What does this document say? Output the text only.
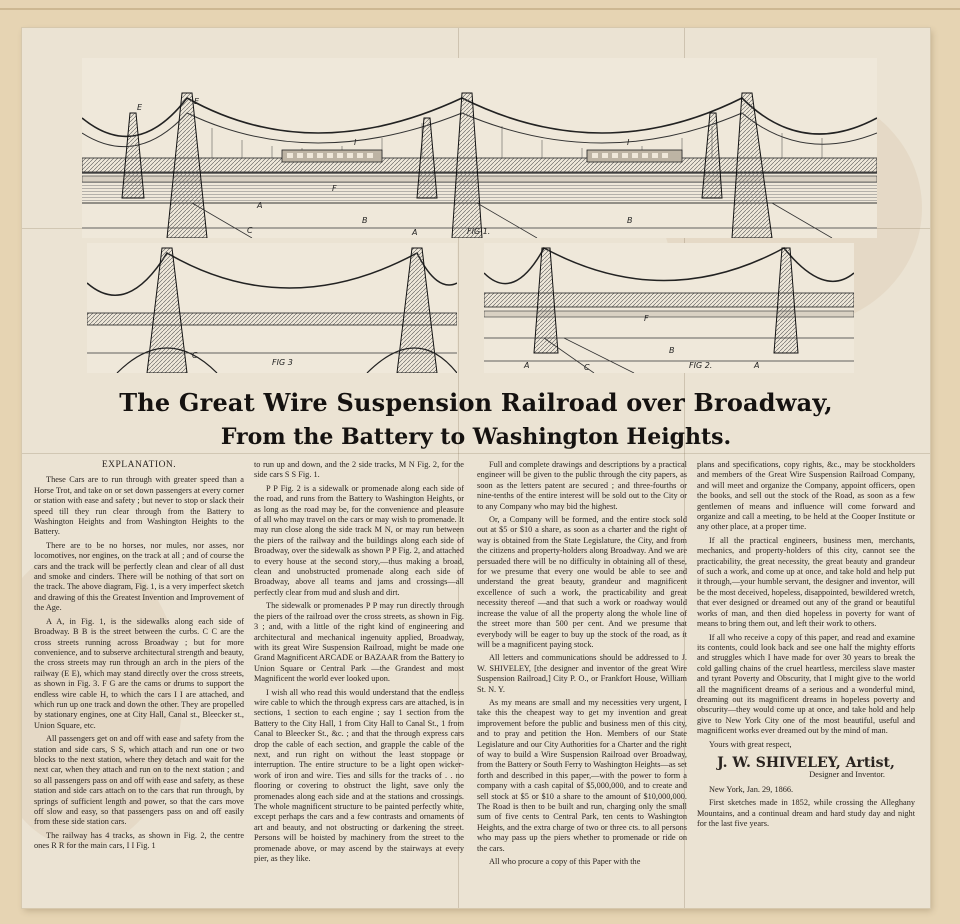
E
E
I	I
F
A
B	B
C	A	FIG 1.
FIG 3
C
F
B
A	C	FIG 2.	A
The Great Wire Suspension Railroad over Broadway,
From the Battery to Washington Heights.

EXPLANATION.

These Cars are to run through with greater speed than a Horse Trot, and take on or set down passengers at every corner or station with ease and safety ; but never to stop or slack their speed till they run clear through from the Battery to Washington Heights and from Washington Heights to the Battery.

There are to be no horses, nor mules, nor asses, nor locomotives, nor engines, on the track at all ; and of course the cars and the track will be perfectly clean and clear of all dust and smoke and cinders. There will be nothing of that sort on the track. The above diagram, Fig. 1, is a very imperfect sketch and drawing of this the Greatest Invention and Improvement of the Age.

A A, in Fig. 1, is the sidewalks along each side of Broadway. B B is the street between the curbs. C C are the cross streets running across Broadway ; but for more convenience, and to subserve architectural strength and beauty, the cross streets may run through an arch in the piers of the railway (E E), which may stand directly over the cross streets, as shown in Fig. 3. F G are the cams or drums to support the endless wire cable H, to which the cars I I are attached, and which run up one track and down the other. They are propelled by stationary engines, one at City Hall, Canal st., Bleecker st., Union Square, etc.

All passengers get on and off with ease and safety from the station and side cars, S S, which attach and run one or two blocks to the next station, where they detach and wait for the next car, when they attach and run on to the next station ; and so all passengers pass on and off with ease and safety, as these station and side cars attach on to the cars that run through, by springs of sufficient length and power, so that the cars move off slow and easy, so that passengers pass on and off easily from these side station cars.

The railway has 4 tracks, as shown in Fig. 2, the centre ones R R for the main cars, I I Fig. 1

to run up and down, and the 2 side tracks, M N Fig. 2, for the side cars S S Fig. 1.

P P Fig. 2 is a sidewalk or promenade along each side of the road, and runs from the Battery to Washington Heights, or as long as the road may be, for the convenience and pleasure of all who may travel on the cars or may wish to promenade. It may run close along the side track M N, or may run between the piers of the railway and the buildings along each side of Broadway, over the sidewalk as shown P P Fig. 2, and attached to every house at the second story,—thus making a broad, clean and unobstructed promenade along each side of Broadway, above all teams and jams and crossings—all perfectly clear from mud and slush and dirt.

The sidewalk or promenades P P may run directly through the piers of the railroad over the cross streets, as shown in Fig. 3 ; and, with a little of the right kind of engineering and architectural and mechanical ingenuity applied, Broadway, with its great Wire Suspension Railroad, might be made one Grand Magnificent ARCADE or BAZAAR from the Battery to Union Square or Central Park —the Grandest and most Magnificent the world ever looked upon.

I wish all who read this would understand that the endless wire cable to which the through express cars are attached, is in sections, 1 section to each engine ; say 1 section from the Battery to the City Hall, 1 from City Hall to Canal St., 1 from Canal to Bleecker St., &c. ; and that the through express cars drop the cable of each section, and grapple the cable of the next, and run right on without the least stoppage or interruption. The entire structure to be a light open wicker-work of iron and wire. Ties and sills for the tracks of . . no flooring or covering to obstruct the light, save only the promenades along each side and at the stations and crossings. The whole magnificent structure to be painted perfectly white, except perhaps the cars and a few contrasts and ornaments of art and beauty, and not obstructing or darkening the street. Persons will be hoisted by machinery from the street to the promenade above, or may ascend by the stairways at every pier, as they like.

Full and complete drawings and descriptions by a practical engineer will be given to the public through the city papers, as soon as the letters patent are secured ; and three-fourths or nine-tenths of the entire interest will be sold out to the City or to any Company who may bid the highest.

Or, a Company will be formed, and the entire stock sold out at $5 or $10 a share, as soon as a charter and the right of way is obtained from the State Legislature, the City, and from the citizens and property-holders along Broadway. And we are persuaded there will be no difficulty in obtaining all of these, for we presume that every one would be able to see and understand the great beauty, grandeur and magnificent excellence of such a work, the practicability and great necessity thereof —and that such a work or roadway would increase the value of all the property along the whole line of the street more than 500 per cent. And we presume that everybody will be eager to buy up the stock of the road, as it will be a magnificent paying stock.

All letters and communications should be addressed to J. W. SHIVELEY, [the designer and inventor of the great Wire Suspension Railroad,] City P. O., or Frankfort House, William St. N. Y.

As my means are small and my necessities very urgent, I take this the cheapest way to get my invention and great improvement before the public and business men of this city, and to pray and petition the Hon. Members of our State Legislature and our City Authorities for a Charter and the right of way to build a Wire Suspension Railroad over Broadway, from the Battery or South Ferry to Washington Heights—as set forth and described in this paper,—with the power to form a company with a cash capital of $5,000,000, and to create and sell stock at $5 or $10 a share to the amount of $10,000,000. The Road is then to be built and run, charging only the small sum of five cents to Central Park, ten cents to Washington Heights, and the extra charge of two or three cts. to all persons who may pass up the piers whether to promenade or ride on the cars.

All who procure a copy of this Paper with the

plans and specifications, copy rights, &c., may be stockholders and members of the Great Wire Suspension Railroad Company, and will meet and organize the Company, appoint officers, open the books, and sell out the stock of the Road, as soon as a few gentlemen of means and influence will come forward and organize and call a meeting, to be held at the Cooper Institute or any other place, at a proper time.

If all the practical engineers, business men, merchants, mechanics, and property-holders of this city, cannot see the practicability, the great necessity, the great beauty and grandeur of such a work, and come up at once, and take hold and help put it through,—your humble servant, the designer and inventor, will be the most deceived, hopeless, disappointed, bewildered wretch, that ever designed or dreamed out any of the grand or beautiful works of man, and then died hopeless in poverty for want of means to bring them out, and left their work to others.

If all who receive a copy of this paper, and read and examine its contents, could look back and see one half the mighty efforts and struggles which I have made for over 30 years to break the cold galling chains of the cruel heartless, merciless slave master and tyrant Poverty and Obscurity, that I might give to the world all the magnificent dreams of a serious and a wonderful mind, dreaming out its magnificent dreams in hopeless poverty and obscurity—they would come up at once, and take hold and help give to New York City one of the most beautiful, useful and magnificent works ever dreamed out by the mind of man.

Yours with great respect,

J. W. SHIVELEY, Artist,

Designer and Inventor.

New York, Jan. 29, 1866.

First sketches made in 1852, while crossing the Alleghany Mountains, and a continual dream and hard study day and night for the last five years.
